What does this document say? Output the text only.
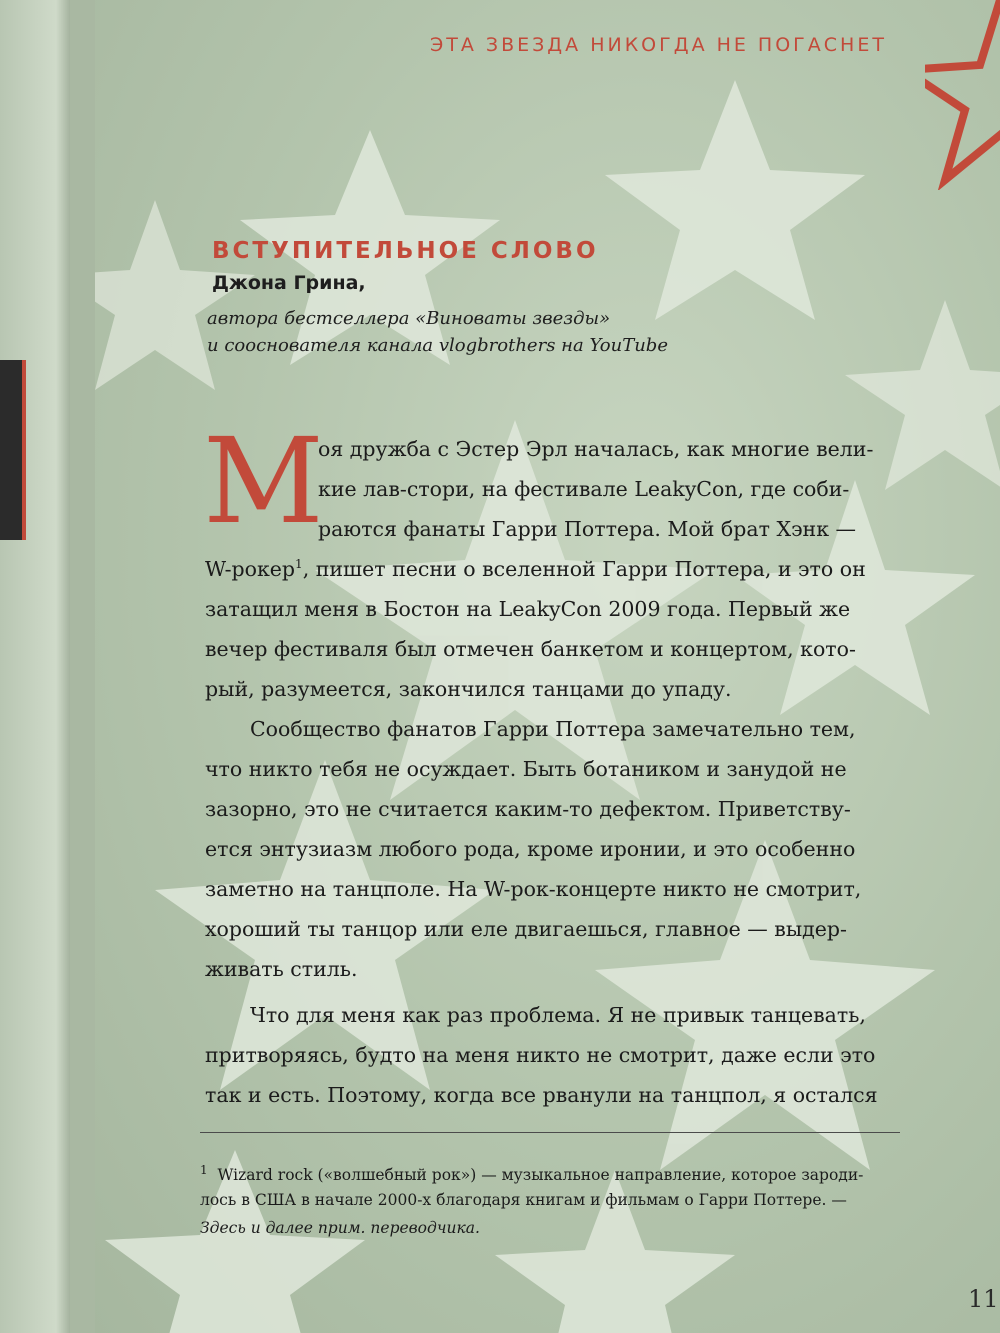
ЭТА ЗВЕЗДА НИКОГДА НЕ ПОГАСНЕТ
ВСТУПИТЕЛЬНОЕ СЛОВО
Джона Грина,
автора бестселлера «Виноваты звезды»
и сооснователя канала vlogbrothers на YouTube
М
оя дружба с Эстер Эрл началась, как многие вели-
кие лав-стори, на фестивале LeakyCon, где соби-
раются фанаты Гарри Поттера. Мой брат Хэнк —
W-рокер$^1$, пишет песни о вселенной Гарри Поттера, и это он
затащил меня в Бостон на LeakyCon 2009 года. Первый же
вечер фестиваля был отмечен банкетом и концертом, кото-
рый, разумеется, закончился танцами до упаду.
Сообщество фанатов Гарри Поттера замечательно тем,
что никто тебя не осуждает. Быть ботаником и занудой не
зазорно, это не считается каким-то дефектом. Приветству-
ется энтузиазм любого рода, кроме иронии, и это особенно
заметно на танцполе. На W-рок-концерте никто не смотрит,
хороший ты танцор или еле двигаешься, главное — выдер-
живать стиль.
Что для меня как раз проблема. Я не привык танцевать,
притворяясь, будто на меня никто не смотрит, даже если это
так и есть. Поэтому, когда все рванули на танцпол, я остался
$^1$ Wizard rock («волшебный рок») — музыкальное направление, которое зароди-
лось в США в начале 2000-х благодаря книгам и фильмам о Гарри Поттере. —
Здесь и далее прим. переводчика.
11
